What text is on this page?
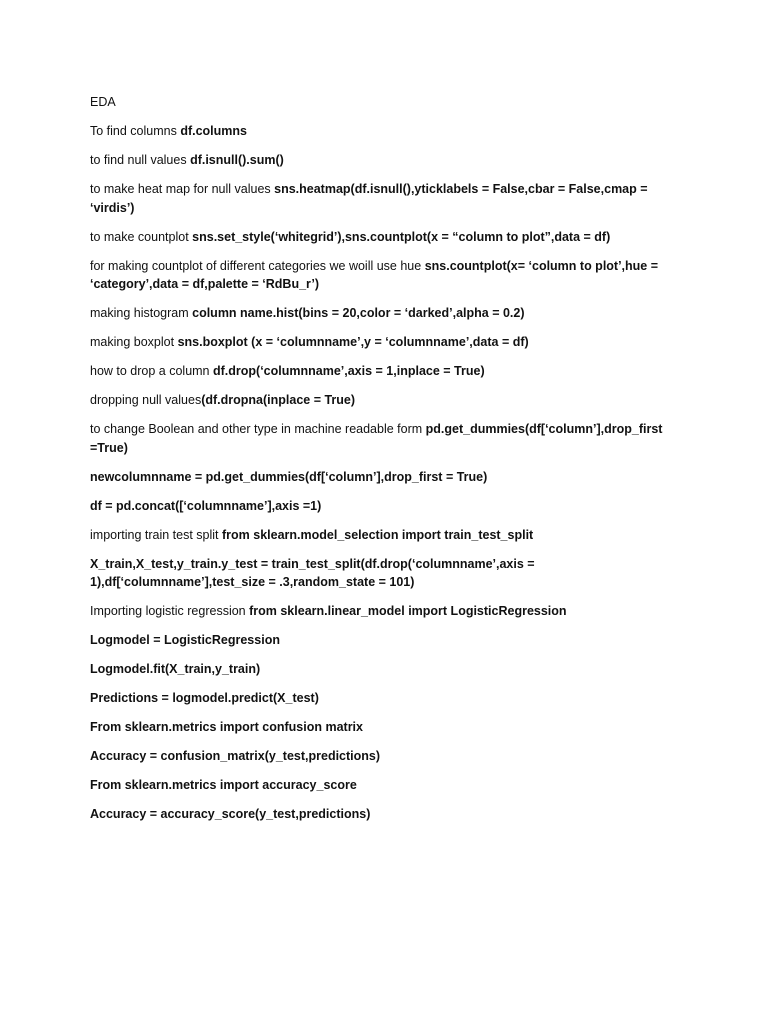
EDA

To find columns df.columns

to find null values df.isnull().sum()

to make heat map for null values sns.heatmap(df.isnull(),yticklabels = False,cbar = False,cmap = ‘virdis’)

to make countplot sns.set_style(‘whitegrid’),sns.countplot(x = “column to plot”,data = df)

for making countplot of different categories we woill use hue sns.countplot(x= ‘column to plot’,hue = ‘category’,data = df,palette = ‘RdBu_r’)

making histogram column name.hist(bins = 20,color = ‘darked’,alpha = 0.2)

making boxplot sns.boxplot (x = ‘columnname’,y = ‘columnname’,data = df)

how to drop a column df.drop(‘columnname’,axis = 1,inplace = True)

dropping null values(df.dropna(inplace = True)

to change Boolean and other type in machine readable form pd.get_dummies(df[‘column’],drop_first =True)

newcolumnname = pd.get_dummies(df[‘column’],drop_first = True)

df = pd.concat([‘columnname’],axis =1)

importing train test split from sklearn.model_selection import train_test_split

X_train,X_test,y_train.y_test = train_test_split(df.drop(‘columnname’,axis = 1),df[‘columnname’],test_size = .3,random_state = 101)

Importing logistic regression from sklearn.linear_model import LogisticRegression

Logmodel = LogisticRegression

Logmodel.fit(X_train,y_train)

Predictions = logmodel.predict(X_test)

From sklearn.metrics import confusion matrix

Accuracy = confusion_matrix(y_test,predictions)

From sklearn.metrics import accuracy_score

Accuracy = accuracy_score(y_test,predictions)
